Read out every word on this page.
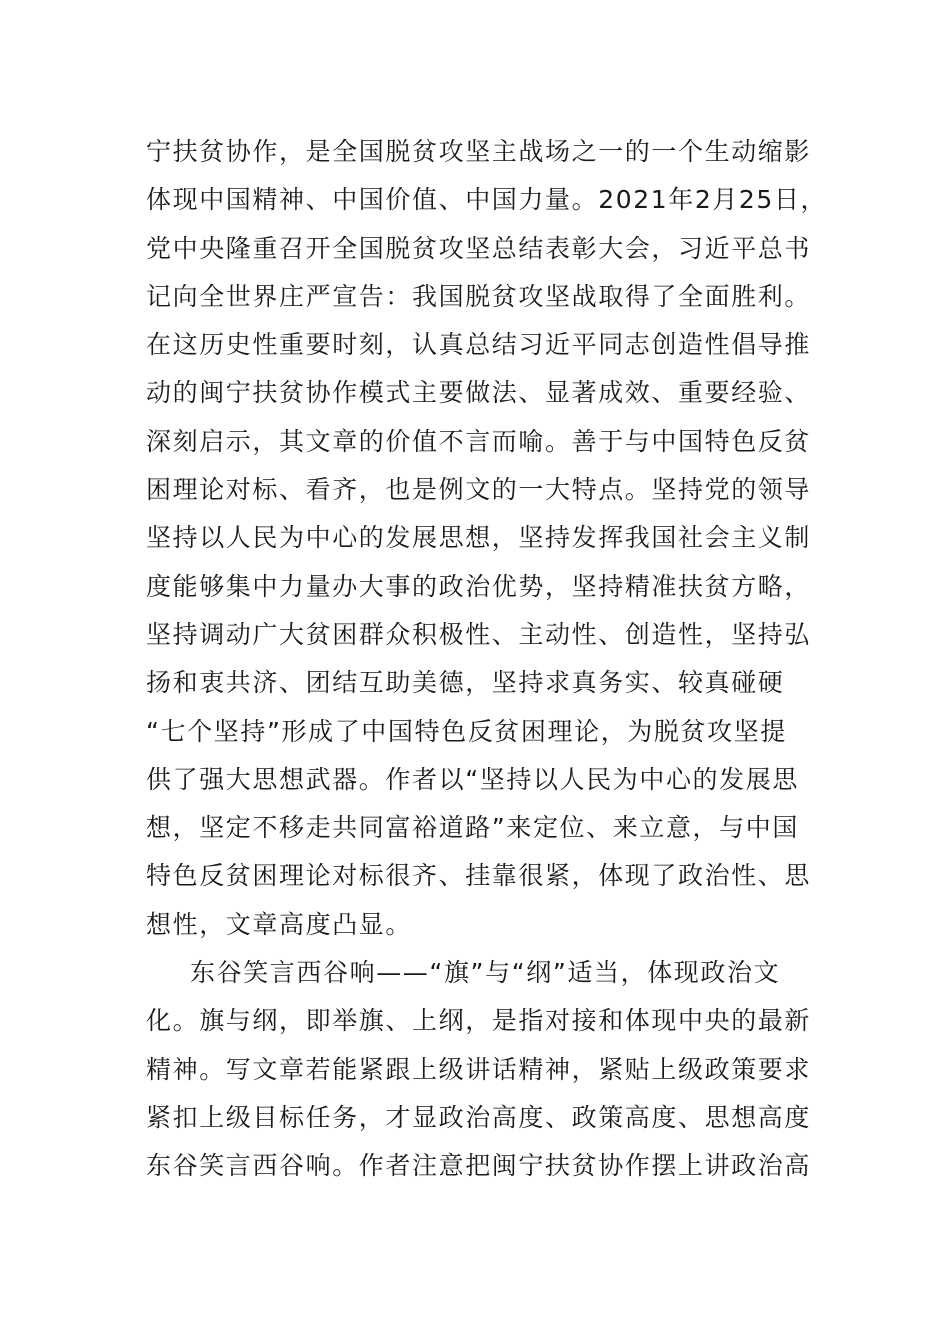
宁扶贫协作，是全国脱贫攻坚主战场之一的一个生动缩影
体现中国精神、中国价值、中国力量。2021年2月25日，
党中央隆重召开全国脱贫攻坚总结表彰大会，习近平总书
记向全世界庄严宣告：我国脱贫攻坚战取得了全面胜利。
在这历史性重要时刻，认真总结习近平同志创造性倡导推
动的闽宁扶贫协作模式主要做法、显著成效、重要经验、
深刻启示，其文章的价值不言而喻。善于与中国特色反贫
困理论对标、看齐，也是例文的一大特点。坚持党的领导
坚持以人民为中心的发展思想，坚持发挥我国社会主义制
度能够集中力量办大事的政治优势，坚持精准扶贫方略，
坚持调动广大贫困群众积极性、主动性、创造性，坚持弘
扬和衷共济、团结互助美德，坚持求真务实、较真碰硬
“七个坚持”形成了中国特色反贫困理论，为脱贫攻坚提
供了强大思想武器。作者以“坚持以人民为中心的发展思
想，坚定不移走共同富裕道路”来定位、来立意，与中国
特色反贫困理论对标很齐、挂靠很紧，体现了政治性、思
想性，文章高度凸显。
东谷笑言西谷响——“旗”与“纲”适当，体现政治文
化。旗与纲，即举旗、上纲，是指对接和体现中央的最新
精神。写文章若能紧跟上级讲话精神，紧贴上级政策要求
紧扣上级目标任务，才显政治高度、政策高度、思想高度
东谷笑言西谷响。作者注意把闽宁扶贫协作摆上讲政治高
